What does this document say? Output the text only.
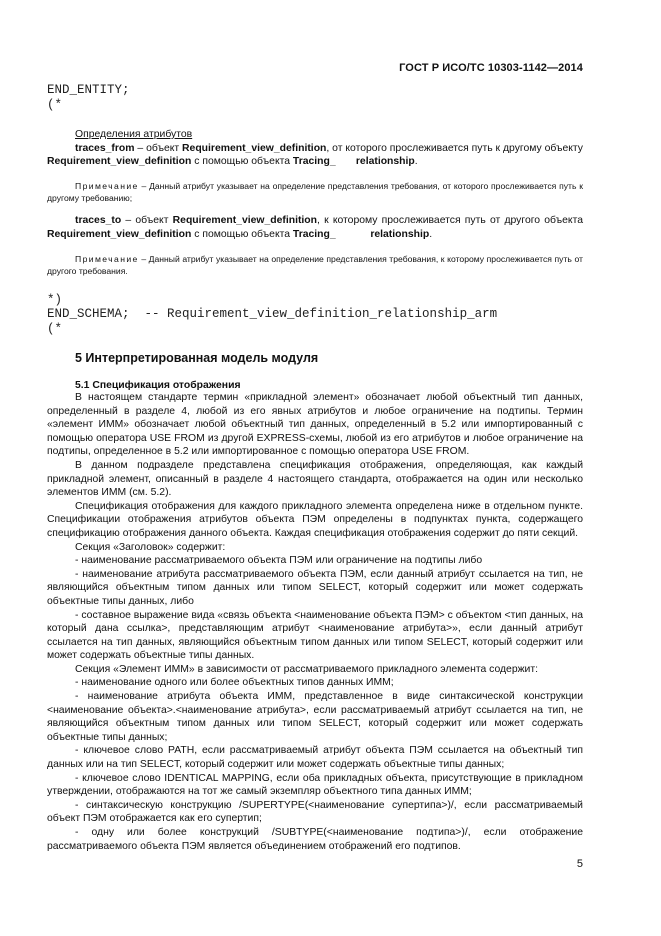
ГОСТ Р ИСО/ТС 10303-1142—2014
END_ENTITY;
(*

Определения атрибутов

traces_from – объект Requirement_view_definition, от которого прослеживается путь к другому объекту Requirement_view_definition с помощью объекта Tracing_ relationship.

Примечание – Данный атрибут указывает на определение представления требования, от которого прослеживается путь к другому требованию;

traces_to – объект Requirement_view_definition, к которому прослеживается путь от другого объекта Requirement_view_definition с помощью объекта Tracing_	relationship.

Примечание – Данный атрибут указывает на определение представления требования, к которому прослеживается путь от другого требования.

*)
END_SCHEMA;  -- Requirement_view_definition_relationship_arm
(*

5 Интерпретированная модель модуля

5.1 Спецификация отображения

В настоящем стандарте термин «прикладной элемент» обозначает любой объектный тип данных, определенный в разделе 4, любой из его явных атрибутов и любое ограничение на подтипы. Термин «элемент ИММ» обозначает любой объектный тип данных, определенный в 5.2 или импортированный с помощью оператора USE FROM из другой EXPRESS-схемы, любой из его атрибутов и любое ограничение на подтипы, определенное в 5.2 или импортированное с помощью оператора USE FROM.

В данном подразделе представлена спецификация отображения, определяющая, как каждый прикладной элемент, описанный в разделе 4 настоящего стандарта, отображается на один или несколько элементов ИММ (см. 5.2).

Спецификация отображения для каждого прикладного элемента определена ниже в отдельном пункте. Спецификации отображения атрибутов объекта ПЭМ определены в подпунктах пункта, содержащего спецификацию отображения данного объекта. Каждая спецификация отображения содержит до пяти секций.

Секция «Заголовок» содержит:

- наименование рассматриваемого объекта ПЭМ или ограничение на подтипы либо

- наименование атрибута рассматриваемого объекта ПЭМ, если данный атрибут ссылается на тип, не являющийся объектным типом данных или типом SELECT, который содержит или может содержать объектные типы данных, либо

- составное выражение вида «связь объекта <наименование объекта ПЭМ> с объектом <тип данных, на который дана ссылка>, представляющим атрибут <наименование атрибута>», если данный атрибут ссылается на тип данных, являющийся объектным типом данных или типом SELECT, который содержит или может содержать объектные типы данных.

Секция «Элемент ИММ» в зависимости от рассматриваемого прикладного элемента содержит:

- наименование одного или более объектных типов данных ИММ;

- наименование атрибута объекта ИММ, представленное в виде синтаксической конструкции <наименование объекта>.<наименование атрибута>, если рассматриваемый атрибут ссылается на тип, не являющийся объектным типом данных или типом SELECT, который содержит или может содержать объектные типы данных;

- ключевое слово PATH, если рассматриваемый атрибут объекта ПЭМ ссылается на объектный тип данных или на тип SELECT, который содержит или может содержать объектные типы данных;

- ключевое слово IDENTICAL MAPPING, если оба прикладных объекта, присутствующие в прикладном утверждении, отображаются на тот же самый экземпляр объектного типа данных ИММ;

- синтаксическую конструкцию /SUPERTYPE(<наименование супертипа>)/, если рассматриваемый объект ПЭМ отображается как его супертип;

- одну или более конструкций /SUBTYPE(<наименование подтипа>)/, если отображение рассматриваемого объекта ПЭМ является объединением отображений его подтипов.

5
